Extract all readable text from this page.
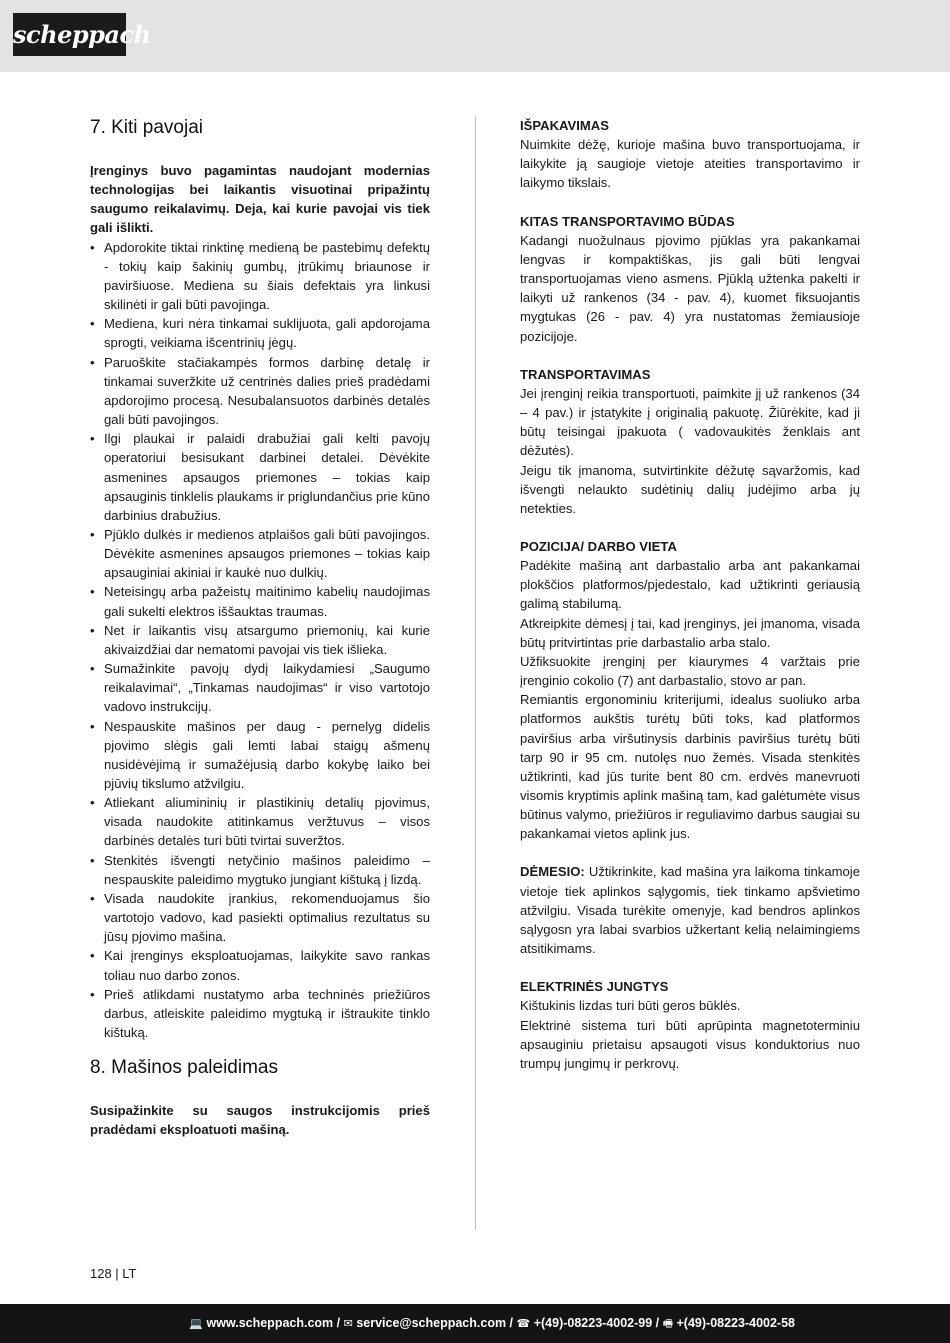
scheppach
7. Kiti pavojai
Įrenginys buvo pagamintas naudojant modernias technologijas bei laikantis visuotinai pripažintų saugumo reikalavimų. Deja, kai kurie pavojai vis tiek gali išlikti.
• Apdorokite tiktai rinktinę medieną be pastebimų defektų - tokių kaip šakinių gumbų, įtrūkimų briaunose ir paviršiuose. Mediena su šiais defektais yra linkusi skilinėti ir gali būti pavojinga.
• Mediena, kuri nėra tinkamai suklijuota, gali apdorojama sprogti, veikiama išcentrinių jėgų.
• Paruoškite stačiakampės formos darbinę detalę ir tinkamai suveržkite už centrinės dalies prieš pradėdami apdorojimo procesą. Nesubalansuotos darbinės detalės gali būti pavojingos.
• Ilgi plaukai ir palaidi drabužiai gali kelti pavojų operatoriui besisukant darbinei detalei. Dėvėkite asmenines apsaugos priemones – tokias kaip apsauginis tinklelis plaukams ir priglundančius prie kūno darbinius drabužius.
• Pjūklo dulkės ir medienos atplaišos gali būti pavojingos. Dėvėkite asmenines apsaugos priemones – tokias kaip apsauginiai akiniai ir kaukė nuo dulkių.
• Neteisingų arba pažeistų maitinimo kabelių naudojimas gali sukelti elektros iššauktas traumas.
• Net ir laikantis visų atsargumo priemonių, kai kurie akivaizdžiai dar nematomi pavojai vis tiek išlieka.
• Sumažinkite pavojų dydį laikydamiesi „Saugumo reikalavimai“, „Tinkamas naudojimas“ ir viso vartotojo vadovo instrukcijų.
• Nespauskite mašinos per daug - pernelyg didelis pjovimo slėgis gali lemti labai staigų ašmenų nusidėvėjimą ir sumažėjusią darbo kokybę laiko bei pjūvių tikslumo atžvilgiu.
• Atliekant aliumininių ir plastikinių detalių pjovimus, visada naudokite atitinkamus veržtuvus – visos darbinės detalės turi būti tvirtai suveržtos.
• Stenkitės išvengti netyčinio mašinos paleidimo – nespauskite paleidimo mygtuko jungiant kištuką į lizdą.
• Visada naudokite įrankius, rekomenduojamus šio vartotojo vadovo, kad pasiekti optimalius rezultatus su jūsų pjovimo mašina.
• Kai įrenginys eksploatuojamas, laikykite savo rankas toliau nuo darbo zonos.
• Prieš atlikdami nustatymo arba techninės priežiūros darbus, atleiskite paleidimo mygtuką ir ištraukite tinklo kištuką.
8. Mašinos paleidimas
Susipažinkite su saugos instrukcijomis prieš pradėdami eksploatuoti mašiną.
IŠPAKAVIMAS
Nuimkite dėžę, kurioje mašina buvo transportuojama, ir laikykite ją saugioje vietoje ateities transportavimo ir laikymo tikslais.
KITAS TRANSPORTAVIMO BŪDAS
Kadangi nuožulnaus pjovimo pjūklas yra pakankamai lengvas ir kompaktiškas, jis gali būti lengvai transportuojamas vieno asmens. Pjūklą užtenka pakelti ir laikyti už rankenos (34 - pav. 4), kuomet fiksuojantis mygtukas (26 - pav. 4) yra nustatomas žemiausioje pozicijoje.
TRANSPORTAVIMAS
Jei įrenginį reikia transportuoti, paimkite jį už rankenos (34 – 4 pav.) ir įstatykite į originalią pakuotę. Žiūrėkite, kad ji būtų teisingai įpakuota ( vadovaukitės ženklais ant dėžutės).
Jeigu tik įmanoma, sutvirtinkite dėžutę sąvaržomis, kad išvengti nelaukto sudėtinių dalių judėjimo arba jų netekties.
POZICIJA/ DARBO VIETA
Padėkite mašiną ant darbastalio arba ant pakankamai plokščios platformos/pjedestalo, kad užtikrinti geriausią galimą stabilumą.
Atkreipkite dėmesį į tai, kad įrenginys, jei įmanoma, visada būtų pritvirtintas prie darbastalio arba stalo.
Užfiksuokite įrenginį per kiaurymes 4 varžtais prie įrenginio cokolio (7) ant darbastalio, stovo ar pan.
Remiantis ergonominiu kriterijumi, idealus suoliuko arba platformos aukštis turėtų būti toks, kad platformos paviršius arba viršutinysis darbinis paviršius turėtų būti tarp 90 ir 95 cm. nutolęs nuo žemės. Visada stenkitės užtikrinti, kad jūs turite bent 80 cm. erdvės manevruoti visomis kryptimis aplink mašiną tam, kad galėtumėte visus būtinus valymo, priežiūros ir reguliavimo darbus saugiai su pakankamai vietos aplink jus.
DĖMESIO: Užtikrinkite, kad mašina yra laikoma tinkamoje vietoje tiek aplinkos sąlygomis, tiek tinkamo apšvietimo atžvilgiu. Visada turėkite omenyje, kad bendros aplinkos sąlygosn yra labai svarbios užkertant kelią nelaimingiems atsitikimams.
ELEKTRINĖS JUNGTYS
Kištukinis lizdas turi būti geros būklės.
Elektrinė sistema turi būti aprūpinta magnetoterminiu apsauginiu prietaisu apsaugoti visus konduktorius nuo trumpų jungimų ir perkrovų.
128 | LT
💻 www.scheppach.com / ✉ service@scheppach.com / ☎ +(49)-08223-4002-99 / 🖷 +(49)-08223-4002-58
